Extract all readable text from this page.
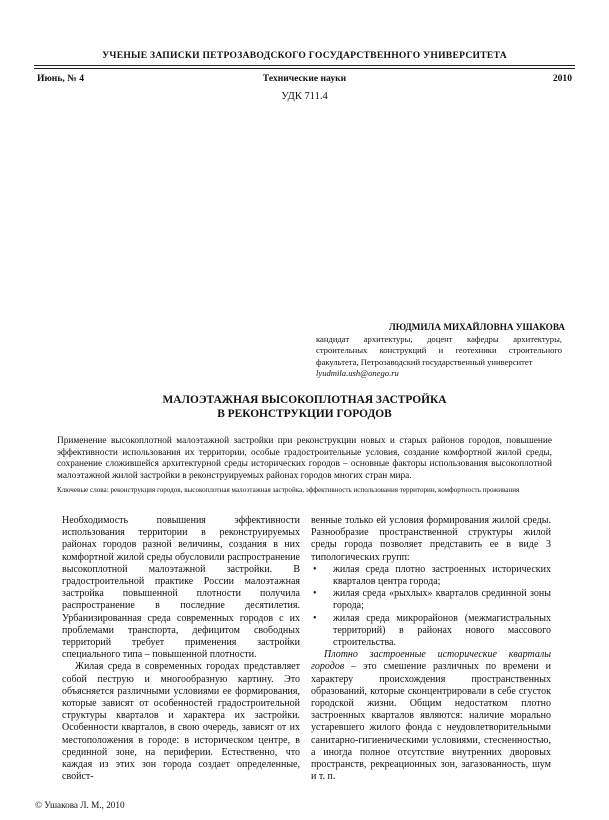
УЧЕНЫЕ ЗАПИСКИ ПЕТРОЗАВОДСКОГО ГОСУДАРСТВЕННОГО УНИВЕРСИТЕТА
Июнь, № 4	Технические науки	2010
УДК 711.4
ЛЮДМИЛА МИХАЙЛОВНА УШАКОВА
кандидат архитектуры, доцент кафедры архитектуры, строительных конструкций и геотехники строительного факультета, Петрозаводский государственный университет
lyudmila.ush@onego.ru
МАЛОЭТАЖНАЯ ВЫСОКОПЛОТНАЯ ЗАСТРОЙКА
В РЕКОНСТРУКЦИИ ГОРОДОВ

Применение высокоплотной малоэтажной застройки при реконструкции новых и старых районов городов, повышение эффективности использования их территории, особые градостроительные условия, создание комфортной жилой среды, сохранение сложившейся архитектурной среды исторических городов – основные факторы использования высокоплотной малоэтажной жилой застройки в реконструируемых районах городов многих стран мира.

Ключевые слова: реконструкция городов, высокоплотная малоэтажная застройка, эффективность использования территории, комфортность проживания

Необходимость повышения эффективности использования территории в реконструируемых районах городов разной величины, создания в них комфортной жилой среды обусловили распространение высокоплотной малоэтажной застройки. В градостроительной практике России малоэтажная застройка повышенной плотности получила распространение в последние десятилетия. Урбанизированная среда современных городов с их проблемами транспорта, дефицитом свободных территорий требует применения застройки специального типа – повышенной плотности.

Жилая среда в современных городах представляет собой пеструю и многообразную картину. Это объясняется различными условиями ее формирования, которые зависят от особенностей градостроительной структуры кварталов и характера их застройки. Особенности кварталов, в свою очередь, зависят от их местоположения в городе: в историческом центре, в срединной зоне, на периферии. Естественно, что каждая из этих зон города создает определенные, свойст-

венные только ей условия формирования жилой среды. Разнообразие пространственной структуры жилой среды города позволяет представить ее в виде 3 типологических групп:

• жилая среда плотно застроенных исторических кварталов центра города;
• жилая среда «рыхлых» кварталов срединной зоны города;
• жилая среда микрорайонов (межмагистральных территорий) в районах нового массового строительства.

Плотно застроенные исторические кварталы городов – это смешение различных по времени и характеру происхождения пространственных образований, которые сконцентрировали в себе сгусток городской жизни. Общим недостатком плотно застроенных кварталов являются: наличие морально устаревшего жилого фонда с неудовлетворительными санитарно-гигиеническими условиями, стесненностью, а иногда полное отсутствие внутренних дворовых пространств, рекреационных зон, загазованность, шум и т. п.

© Ушакова Л. М., 2010
